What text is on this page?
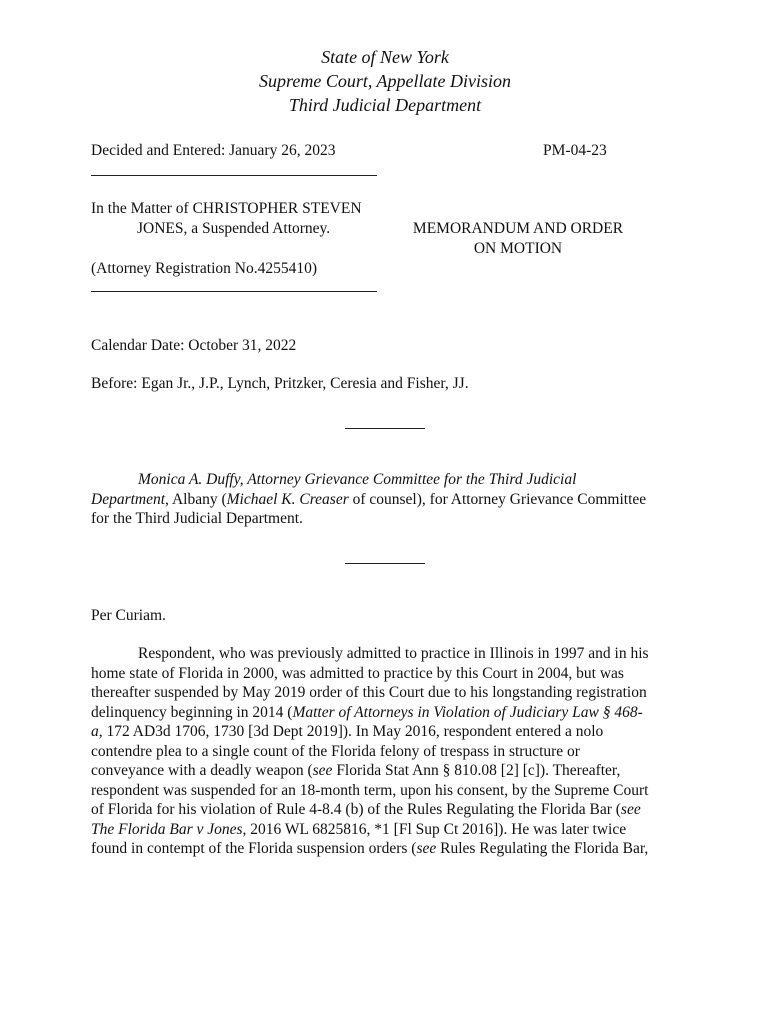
State of New York
Supreme Court, Appellate Division
Third Judicial Department
Decided and Entered: January 26, 2023	PM-04-23
In the Matter of CHRISTOPHER STEVEN
JONES, a Suspended Attorney.	MEMORANDUM AND ORDER
ON MOTION
(Attorney Registration No.4255410)
Calendar Date: October 31, 2022
Before: Egan Jr., J.P., Lynch, Pritzker, Ceresia and Fisher, JJ.
Monica A. Duffy, Attorney Grievance Committee for the Third Judicial
Department, Albany (Michael K. Creaser of counsel), for Attorney Grievance Committee
for the Third Judicial Department.
Per Curiam.
Respondent, who was previously admitted to practice in Illinois in 1997 and in his
home state of Florida in 2000, was admitted to practice by this Court in 2004, but was
thereafter suspended by May 2019 order of this Court due to his longstanding registration
delinquency beginning in 2014 (Matter of Attorneys in Violation of Judiciary Law § 468-
a, 172 AD3d 1706, 1730 [3d Dept 2019]). In May 2016, respondent entered a nolo
contendre plea to a single count of the Florida felony of trespass in structure or
conveyance with a deadly weapon (see Florida Stat Ann § 810.08 [2] [c]). Thereafter,
respondent was suspended for an 18-month term, upon his consent, by the Supreme Court
of Florida for his violation of Rule 4-8.4 (b) of the Rules Regulating the Florida Bar (see
The Florida Bar v Jones, 2016 WL 6825816, *1 [Fl Sup Ct 2016]). He was later twice
found in contempt of the Florida suspension orders (see Rules Regulating the Florida Bar,
